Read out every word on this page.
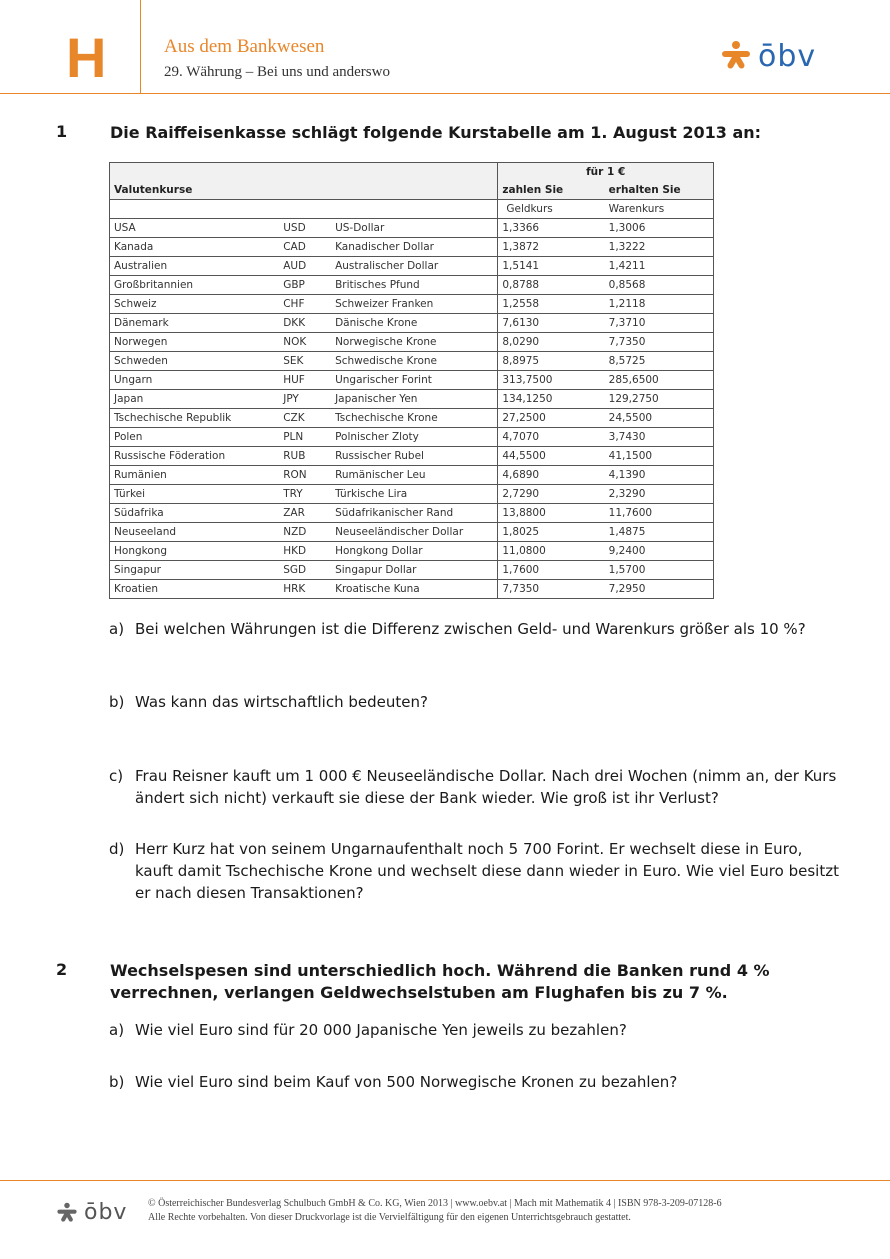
H	Aus dem Bankwesen
29. Währung – Bei uns und anderswo	ōbv
1	Die Raiffeisenkasse schlägt folgende Kurstabelle am 1. August 2013 an:
			für 1 €	
Valutenkurse			zahlen Sie	erhalten Sie
			Geldkurs	Warenkurs
USA	USD	US-Dollar	1,3366	1,3006
Kanada	CAD	Kanadischer Dollar	1,3872	1,3222
Australien	AUD	Australischer Dollar	1,5141	1,4211
Großbritannien	GBP	Britisches Pfund	0,8788	0,8568
Schweiz	CHF	Schweizer Franken	1,2558	1,2118
Dänemark	DKK	Dänische Krone	7,6130	7,3710
Norwegen	NOK	Norwegische Krone	8,0290	7,7350
Schweden	SEK	Schwedische Krone	8,8975	8,5725
Ungarn	HUF	Ungarischer Forint	313,7500	285,6500
Japan	JPY	Japanischer Yen	134,1250	129,2750
Tschechische Republik	CZK	Tschechische Krone	27,2500	24,5500
Polen	PLN	Polnischer Zloty	4,7070	3,7430
Russische Föderation	RUB	Russischer Rubel	44,5500	41,1500
Rumänien	RON	Rumänischer Leu	4,6890	4,1390
Türkei	TRY	Türkische Lira	2,7290	2,3290
Südafrika	ZAR	Südafrikanischer Rand	13,8800	11,7600
Neuseeland	NZD	Neuseeländischer Dollar	1,8025	1,4875
Hongkong	HKD	Hongkong Dollar	11,0800	9,2400
Singapur	SGD	Singapur Dollar	1,7600	1,5700
Kroatien	HRK	Kroatische Kuna	7,7350	7,2950
a) Bei welchen Währungen ist die Differenz zwischen Geld- und Warenkurs größer als 10 %?
b) Was kann das wirtschaftlich bedeuten?
c) Frau Reisner kauft um 1 000 € Neuseeländische Dollar. Nach drei Wochen (nimm an, der Kurs ändert sich nicht) verkauft sie diese der Bank wieder. Wie groß ist ihr Verlust?
d) Herr Kurz hat von seinem Ungarnaufenthalt noch 5 700 Forint. Er wechselt diese in Euro, kauft damit Tschechische Krone und wechselt diese dann wieder in Euro. Wie viel Euro besitzt er nach diesen Transaktionen?
2	Wechselspesen sind unterschiedlich hoch. Während die Banken rund 4 % verrechnen, verlangen Geldwechselstuben am Flughafen bis zu 7 %.
a) Wie viel Euro sind für 20 000 Japanische Yen jeweils zu bezahlen?
b) Wie viel Euro sind beim Kauf von 500 Norwegische Kronen zu bezahlen?
ōbv © Österreichischer Bundesverlag Schulbuch GmbH & Co. KG, Wien 2013 | www.oebv.at | Mach mit Mathematik 4 | ISBN 978-3-209-07128-6
Alle Rechte vorbehalten. Von dieser Druckvorlage ist die Vervielfältigung für den eigenen Unterrichtsgebrauch gestattet.
